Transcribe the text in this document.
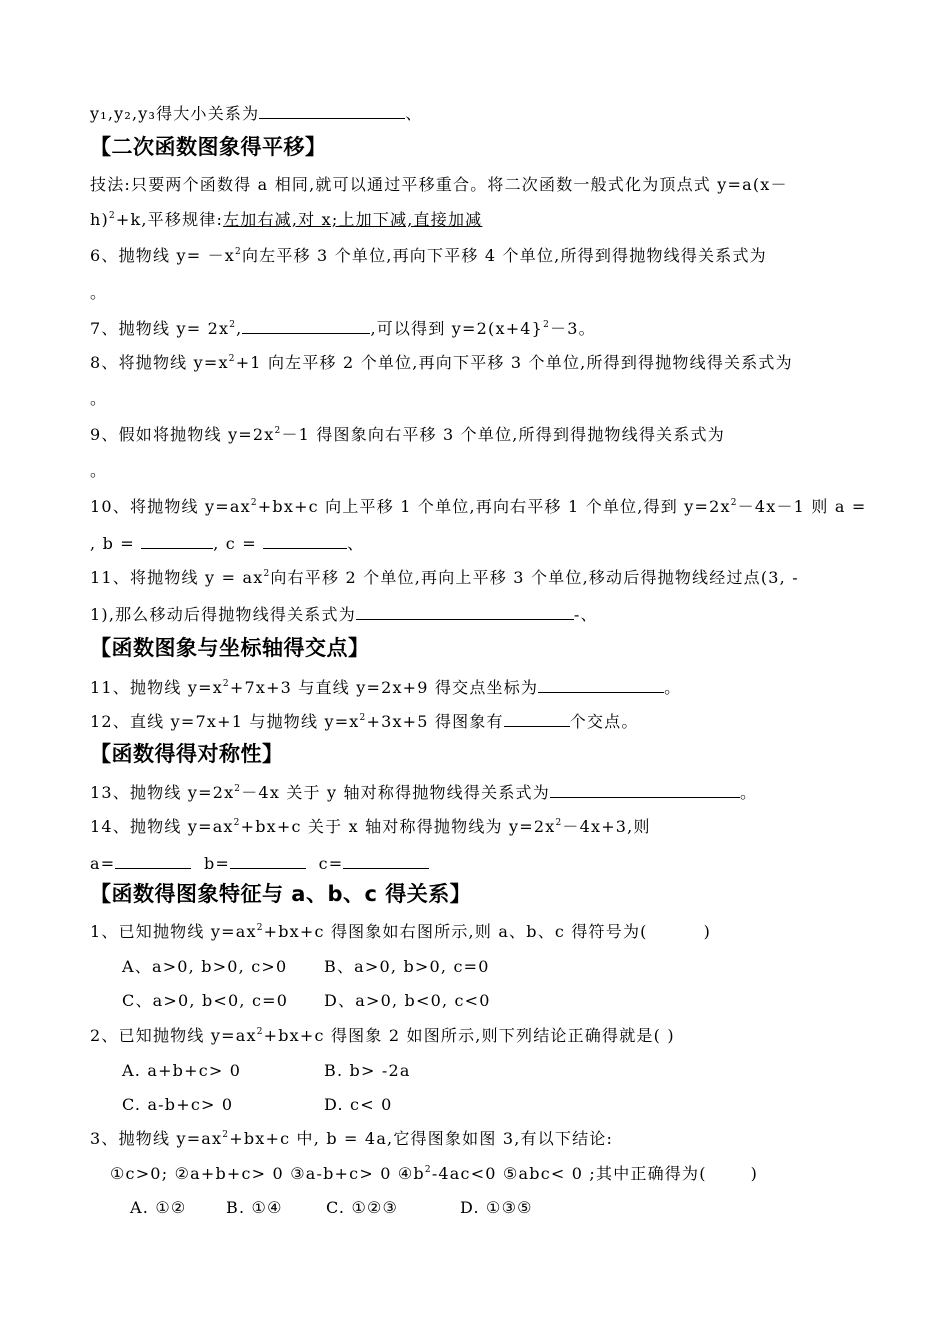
y₁,y₂,y₃得大小关系为	、
【二次函数图象得平移】
技法:只要两个函数得 a 相同,就可以通过平移重合。将二次函数一般式化为顶点式 y=a(x－
h)$^2$+k,平移规律:左加右减,对 x;上加下减,直接加减
6、抛物线 $y= -x^2$向左平移 3 个单位,再向下平移 4 个单位,所得到得抛物线得关系式为
。
7、抛物线 $y= 2x^2$,	,可以得到 y=2(x+4}$^2$－3。
8、将抛物线 $y=x^2+1$ 向左平移 2 个单位,再向下平移 3 个单位,所得到得抛物线得关系式为
。
9、假如将抛物线 $y=2x^2-1$ 得图象向右平移 3 个单位,所得到得抛物线得关系式为
。
10、将抛物线 $y=ax^2+bx+c$ 向上平移 1 个单位,再向右平移 1 个单位,得到 $y=2x^2-4x-1$ 则 a =
, b =	, c =	、
11、将抛物线 $y = ax^2$向右平移 2 个单位,再向上平移 3 个单位,移动后得抛物线经过点(3, -
1),那么移动后得抛物线得关系式为	-、
【函数图象与坐标轴得交点】
11、抛物线 $y=x^2+7x+3$ 与直线 y=2x+9 得交点坐标为	。
12、直线 y=7x+1 与抛物线 $y=x^2+3x+5$ 得图象有	个交点。
【函数得得对称性】
13、抛物线 $y=2x^2-4x$ 关于 y 轴对称得抛物线得关系式为	。
14、抛物线 $y=ax^2+bx+c$ 关于 x 轴对称得抛物线为 $y=2x^2-4x+3$,则
a=	b=	c=
【函数得图象特征与 a、b、c 得关系】
1、已知抛物线 $y=ax^2+bx+c$ 得图象如右图所示,则 a、b、c 得符号为(	)
A、a>0, b>0, c>0 B、a>0, b>0, c=0
C、a>0, b<0, c=0 D、a>0, b<0, c<0
2、已知抛物线 $y=ax^2+bx+c$ 得图象 2 如图所示,则下列结论正确得就是( )
A. a+b+c> 0	B. b> -2a
C. a-b+c> 0	D. c< 0
3、抛物线 $y=ax^2+bx+c$ 中, b = 4a,它得图象如图 3,有以下结论:
①c>0; ②a+b+c> 0 ③a-b+c> 0 $④b^2-4ac<0$ ⑤abc< 0 ;其中正确得为(	)
A. ①② B. ①④	C. ①②③	D. ①③⑤
